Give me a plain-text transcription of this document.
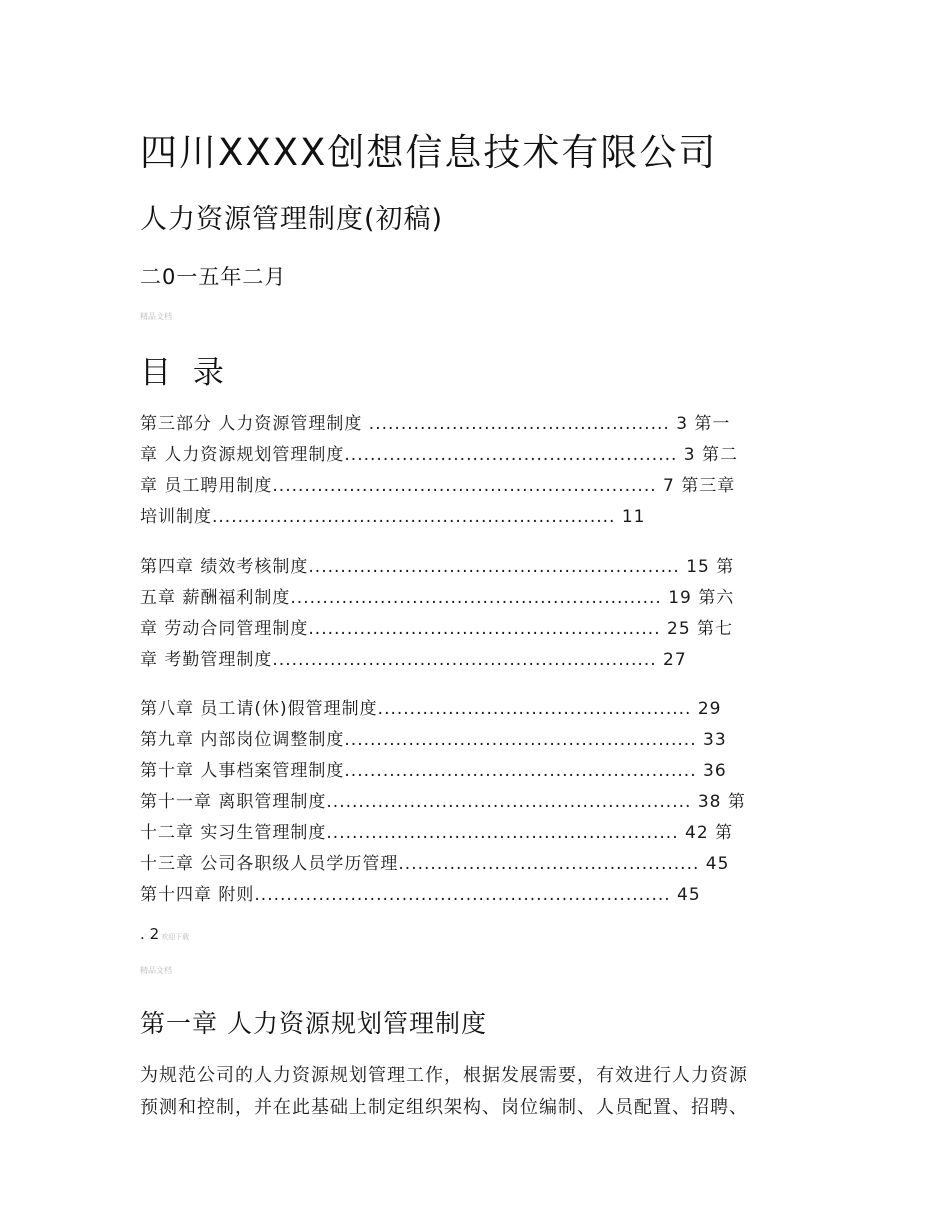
四川XXXX创想信息技术有限公司
人力资源管理制度(初稿)
二0一五年二月
精品文档
目 录
第三部分 人力资源管理制度 ............................................... 3 第一
章 人力资源规划管理制度.................................................... 3 第二
章 员工聘用制度............................................................ 7 第三章
培训制度............................................................... 11
第四章 绩效考核制度.......................................................... 15 第
五章 薪酬福利制度.......................................................... 19 第六
章 劳动合同管理制度....................................................... 25 第七
章 考勤管理制度............................................................ 27
第八章 员工请(休)假管理制度................................................. 29
第九章 内部岗位调整制度....................................................... 33
第十章 人事档案管理制度....................................................... 36
第十一章 离职管理制度......................................................... 38 第
十二章 实习生管理制度....................................................... 42 第
十三章 公司各职级人员学历管理............................................... 45
第十四章 附则................................................................. 45
. 2 欢迎下载
精品文档
第一章 人力资源规划管理制度
为规范公司的人力资源规划管理工作，根据发展需要，有效进行人力资源
预测和控制，并在此基础上制定组织架构、岗位编制、人员配置、招聘、
